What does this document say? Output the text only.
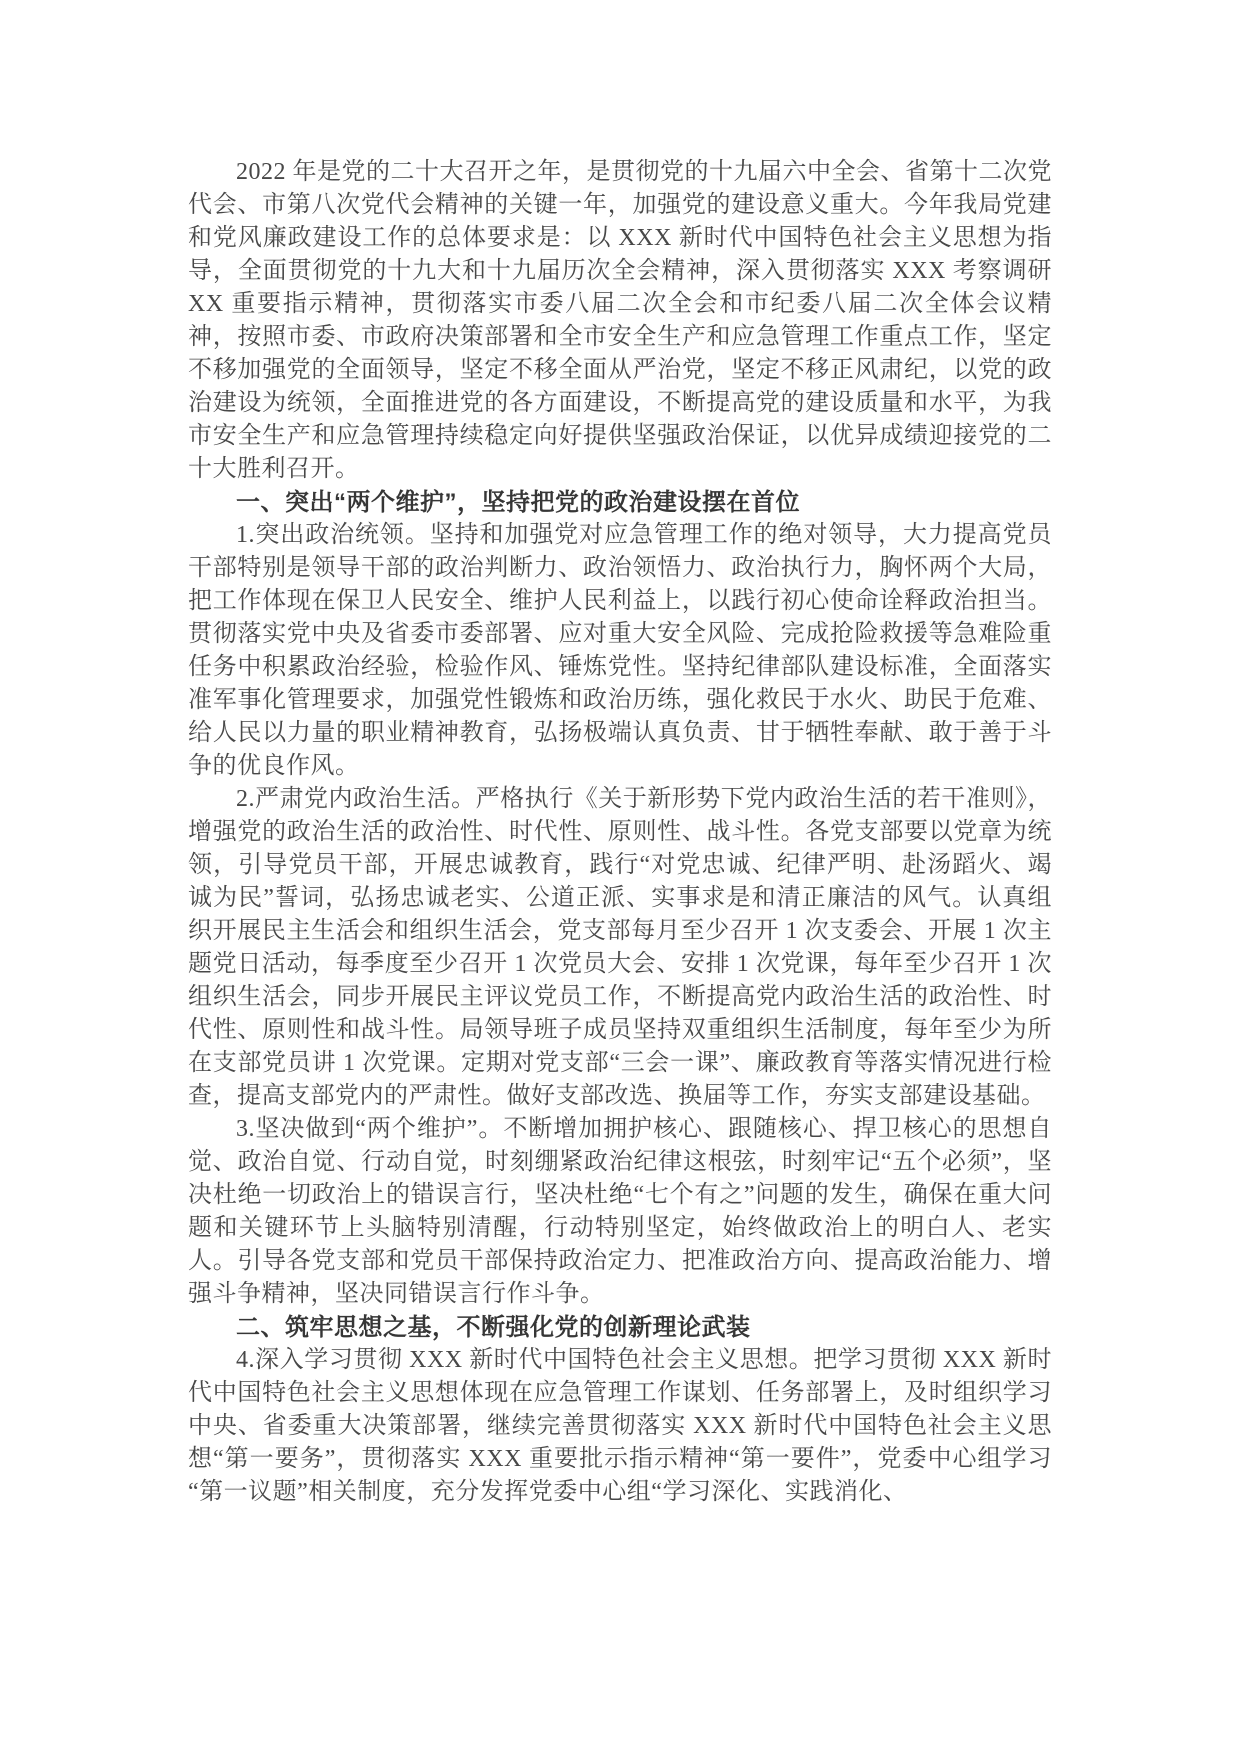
2022 年是党的二十大召开之年，是贯彻党的十九届六中全会、省第十二次党代会、市第八次党代会精神的关键一年，加强党的建设意义重大。今年我局党建和党风廉政建设工作的总体要求是：以 XXX 新时代中国特色社会主义思想为指导，全面贯彻党的十九大和十九届历次全会精神，深入贯彻落实 XXX 考察调研 XX 重要指示精神，贯彻落实市委八届二次全会和市纪委八届二次全体会议精神，按照市委、市政府决策部署和全市安全生产和应急管理工作重点工作，坚定不移加强党的全面领导，坚定不移全面从严治党，坚定不移正风肃纪，以党的政治建设为统领，全面推进党的各方面建设，不断提高党的建设质量和水平，为我市安全生产和应急管理持续稳定向好提供坚强政治保证，以优异成绩迎接党的二十大胜利召开。

一、突出“两个维护”，坚持把党的政治建设摆在首位

1.突出政治统领。坚持和加强党对应急管理工作的绝对领导，大力提高党员干部特别是领导干部的政治判断力、政治领悟力、政治执行力，胸怀两个大局，把工作体现在保卫人民安全、维护人民利益上，以践行初心使命诠释政治担当。贯彻落实党中央及省委市委部署、应对重大安全风险、完成抢险救援等急难险重任务中积累政治经验，检验作风、锤炼党性。坚持纪律部队建设标准，全面落实准军事化管理要求，加强党性锻炼和政治历练，强化救民于水火、助民于危难、给人民以力量的职业精神教育，弘扬极端认真负责、甘于牺牲奉献、敢于善于斗争的优良作风。

2.严肃党内政治生活。严格执行《关于新形势下党内政治生活的若干准则》，增强党的政治生活的政治性、时代性、原则性、战斗性。各党支部要以党章为统领，引导党员干部，开展忠诚教育，践行“对党忠诚、纪律严明、赴汤蹈火、竭诚为民”誓词，弘扬忠诚老实、公道正派、实事求是和清正廉洁的风气。认真组织开展民主生活会和组织生活会，党支部每月至少召开 1 次支委会、开展 1 次主题党日活动，每季度至少召开 1 次党员大会、安排 1 次党课，每年至少召开 1 次组织生活会，同步开展民主评议党员工作，不断提高党内政治生活的政治性、时代性、原则性和战斗性。局领导班子成员坚持双重组织生活制度，每年至少为所在支部党员讲 1 次党课。定期对党支部“三会一课”、廉政教育等落实情况进行检查，提高支部党内的严肃性。做好支部改选、换届等工作，夯实支部建设基础。

3.坚决做到“两个维护”。不断增加拥护核心、跟随核心、捍卫核心的思想自觉、政治自觉、行动自觉，时刻绷紧政治纪律这根弦，时刻牢记“五个必须”，坚决杜绝一切政治上的错误言行，坚决杜绝“七个有之”问题的发生，确保在重大问题和关键环节上头脑特别清醒，行动特别坚定，始终做政治上的明白人、老实人。引导各党支部和党员干部保持政治定力、把准政治方向、提高政治能力、增强斗争精神，坚决同错误言行作斗争。

二、筑牢思想之基，不断强化党的创新理论武装

4.深入学习贯彻 XXX 新时代中国特色社会主义思想。把学习贯彻 XXX 新时代中国特色社会主义思想体现在应急管理工作谋划、任务部署上，及时组织学习中央、省委重大决策部署，继续完善贯彻落实 XXX 新时代中国特色社会主义思想“第一要务”，贯彻落实 XXX 重要批示指示精神“第一要件”，党委中心组学习“第一议题”相关制度，充分发挥党委中心组“学习深化、实践消化、
